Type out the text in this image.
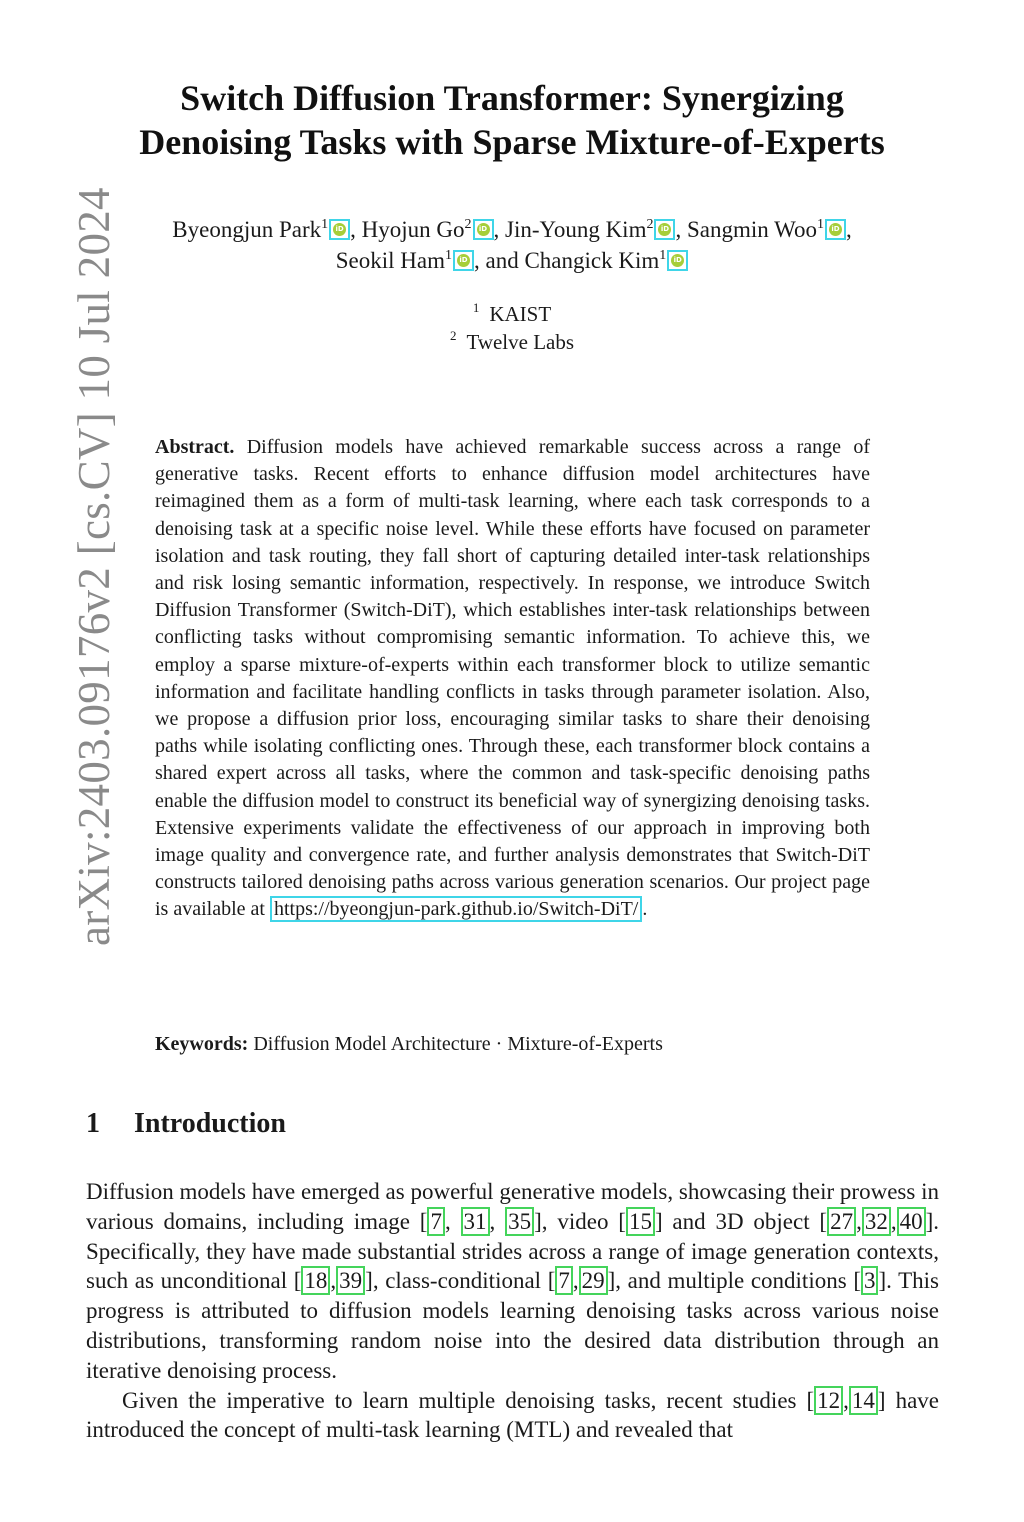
arXiv:2403.09176v2 [cs.CV] 10 Jul 2024
Switch Diffusion Transformer: Synergizing
Denoising Tasks with Sparse Mixture-of-Experts
Byeongjun Park$^1$ iD , Hyojun Go$^2$ iD , Jin-Young Kim$^2$ iD , Sangmin Woo$^1$ iD ,
Seokil Ham$^1$ iD , and Changick Kim$^1$iD
$^1$ KAIST
$^2$ Twelve Labs
Abstract. Diffusion models have achieved remarkable success across a range of generative tasks. Recent efforts to enhance diffusion model architectures have reimagined them as a form of multi-task learning, where each task corresponds to a denoising task at a specific noise level. While these efforts have focused on parameter isolation and task routing, they fall short of capturing detailed inter-task relationships and risk losing semantic information, respectively. In response, we introduce Switch Diffusion Transformer (Switch-DiT), which establishes inter-task relationships between conflicting tasks without compromising semantic information. To achieve this, we employ a sparse mixture-of-experts within each transformer block to utilize semantic information and facilitate handling conflicts in tasks through parameter isolation. Also, we propose a diffusion prior loss, encouraging similar tasks to share their denoising paths while isolating conflicting ones. Through these, each transformer block contains a shared expert across all tasks, where the common and task-specific denoising paths enable the diffusion model to construct its beneficial way of synergizing denoising tasks. Extensive experiments validate the effectiveness of our approach in improving both image quality and convergence rate, and further analysis demonstrates that Switch-DiT constructs tailored denoising paths across various generation scenarios. Our project page is available at https://byeongjun-park.github.io/Switch-DiT/ .
Keywords: Diffusion Model Architecture · Mixture-of-Experts
1 Introduction

Diffusion models have emerged as powerful generative models, showcasing their prowess in various domains, including image [ 7 , 31 , 35 ], video [ 15 ] and 3D object [ 27 , 32 , 40 ]. Specifically, they have made substantial strides across a range of image generation contexts, such as unconditional [ 18 , 39 ], class-conditional [ 7 , 29 ], and multiple conditions [ 3 ]. This progress is attributed to diffusion models learning denoising tasks across various noise distributions, transforming random noise into the desired data distribution through an iterative denoising process.

Given the imperative to learn multiple denoising tasks, recent studies [ 12 , 14 ] have introduced the concept of multi-task learning (MTL) and revealed that
